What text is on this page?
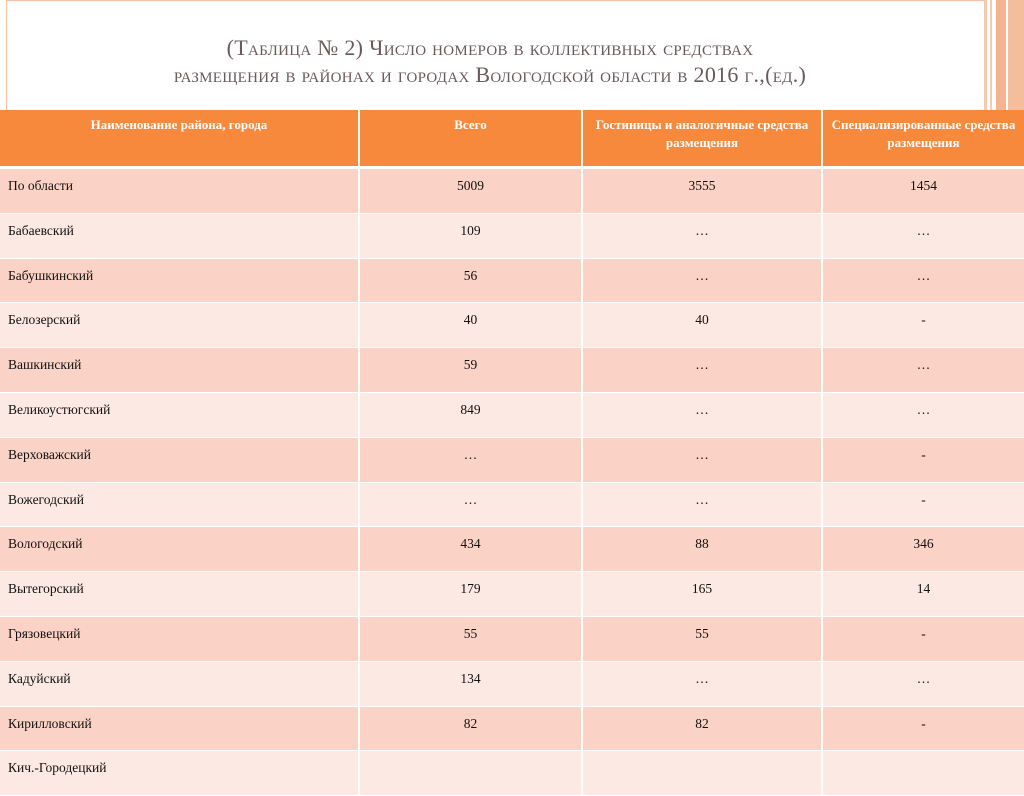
(Таблица № 2) Число номеров в коллективных средствах
размещения в районах и городах Вологодской области в 2016 г.,(ед.)
Наименование района, города	Всего	Гостиницы и аналогичные средства размещения	Специализированные средства размещения
По области	5009	3555	1454
Бабаевский	109	…	…
Бабушкинский	56	…	…
Белозерский	40	40	-
Вашкинский	59	…	…
Великоустюгский	849	…	…
Верховажский	…	…	-
Вожегодский	…	…	-
Вологодский	434	88	346
Вытегорский	179	165	14
Грязовецкий	55	55	-
Кадуйский	134	…	…
Кирилловский	82	82	-
Кич.-Городецкий			
